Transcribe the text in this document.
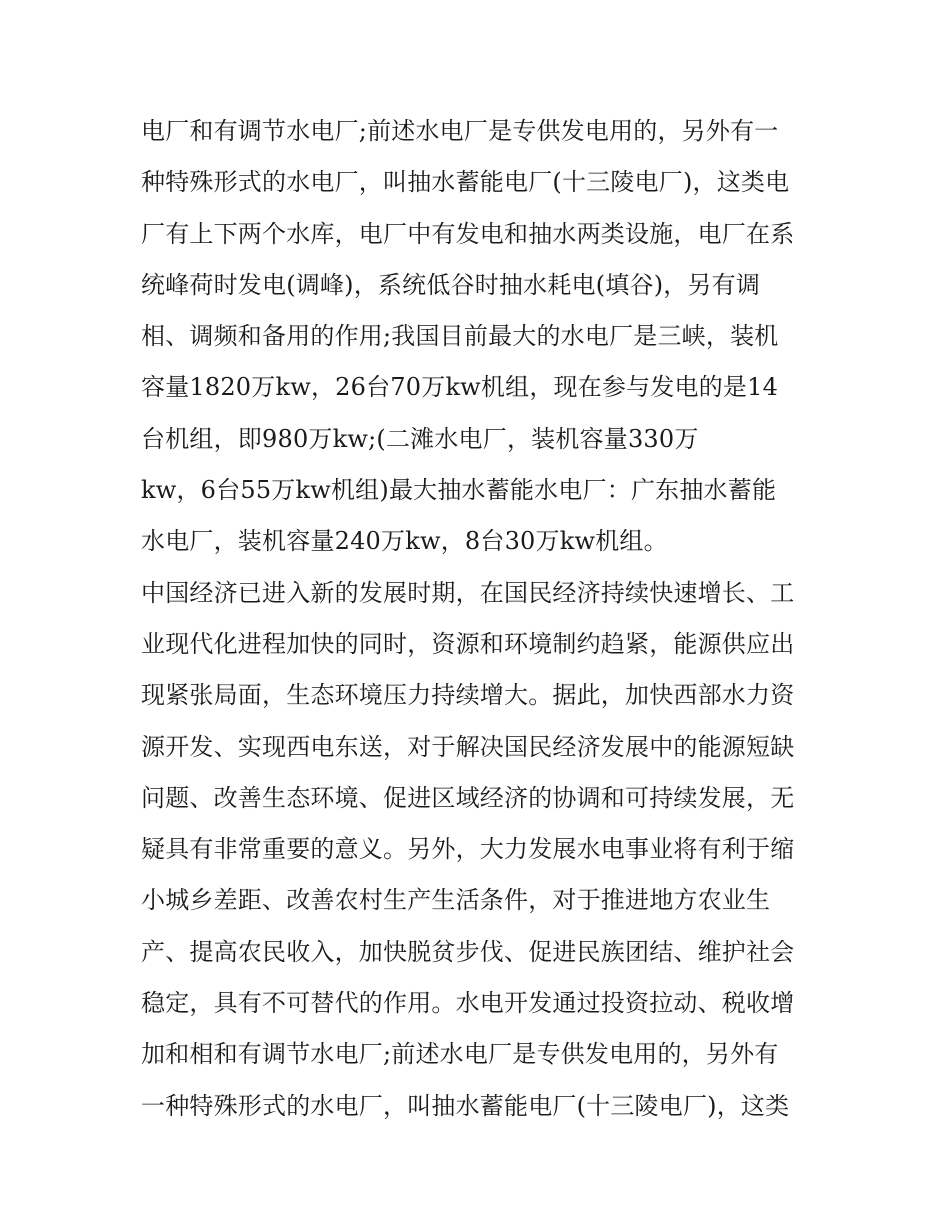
电厂和有调节水电厂;前述水电厂是专供发电用的，另外有一
种特殊形式的水电厂，叫抽水蓄能电厂(十三陵电厂)，这类电
厂有上下两个水库，电厂中有发电和抽水两类设施，电厂在系
统峰荷时发电(调峰)，系统低谷时抽水耗电(填谷)，另有调
相、调频和备用的作用;我国目前最大的水电厂是三峡，装机
容量1820万kw，26台70万kw机组，现在参与发电的是14
台机组，即980万kw;(二滩水电厂，装机容量330万
kw，6台55万kw机组)最大抽水蓄能水电厂：广东抽水蓄能
水电厂，装机容量240万kw，8台30万kw机组。
中国经济已进入新的发展时期，在国民经济持续快速增长、工
业现代化进程加快的同时，资源和环境制约趋紧，能源供应出
现紧张局面，生态环境压力持续增大。据此，加快西部水力资
源开发、实现西电东送，对于解决国民经济发展中的能源短缺
问题、改善生态环境、促进区域经济的协调和可持续发展，无
疑具有非常重要的意义。另外，大力发展水电事业将有利于缩
小城乡差距、改善农村生产生活条件，对于推进地方农业生
产、提高农民收入，加快脱贫步伐、促进民族团结、维护社会
稳定，具有不可替代的作用。水电开发通过投资拉动、税收增
加和相和有调节水电厂;前述水电厂是专供发电用的，另外有
一种特殊形式的水电厂，叫抽水蓄能电厂(十三陵电厂)，这类
